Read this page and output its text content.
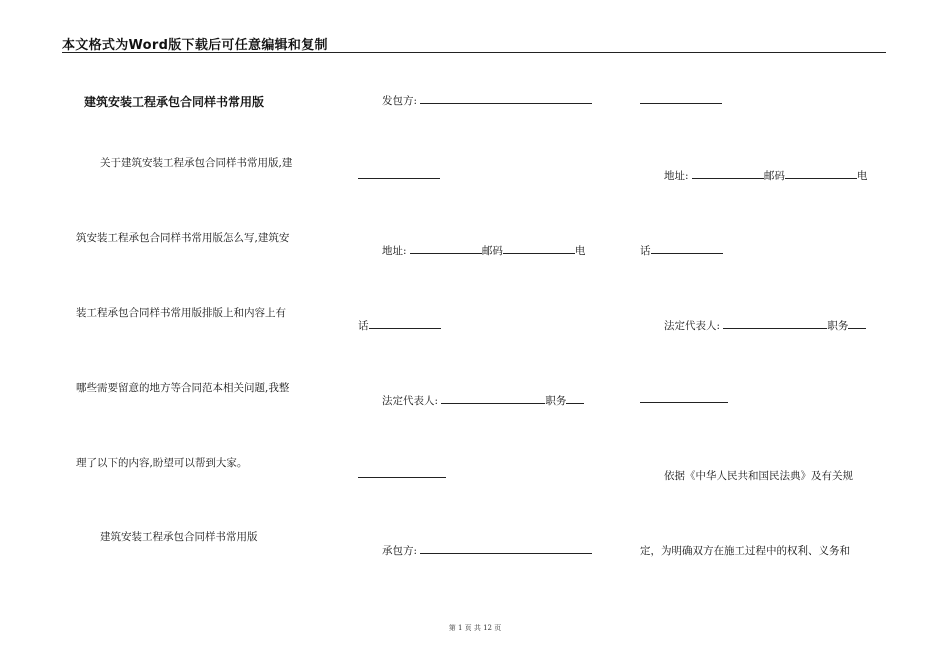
本文格式为Word版下载后可任意编辑和复制
建筑安装工程承包合同样书常用版
关于建筑安装工程承包合同样书常用版,建
筑安装工程承包合同样书常用版怎么写,建筑安
装工程承包合同样书常用版排版上和内容上有
哪些需要留意的地方等合同范本相关问题,我整
理了以下的内容,盼望可以帮到大家。
建筑安装工程承包合同样书常用版
发包方:
地址:	邮码	电
话
法定代表人:	职务
承包方:
地址:	邮码	电
话
法定代表人:	职务
依据《中华人民共和国民法典》及有关规
定，为明确双方在施工过程中的权利、义务和
第 1 页 共 12 页
